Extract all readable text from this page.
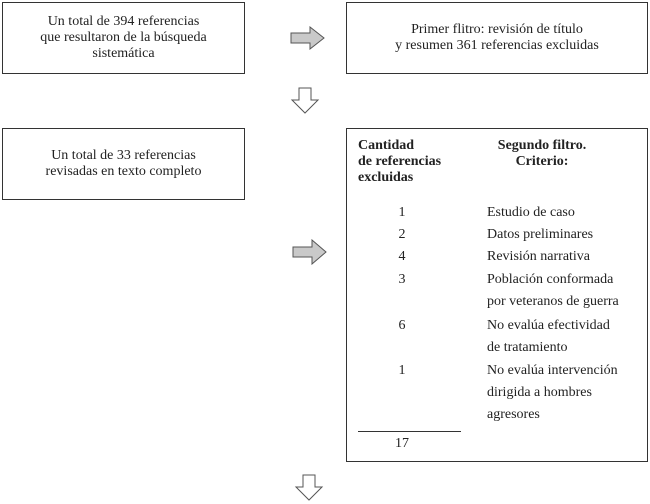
Un total de 394 referencias
que resultaron de la búsqueda
sistemática
Primer flitro: revisión de título
y resumen 361 referencias excluidas
Un total de 33 referencias
revisadas en texto completo
Cantidad
de referencias
excluidas
Segundo filtro.
Criterio:
1	Estudio de caso
2	Datos preliminares
4	Revisión narrativa
3	Población conformada
por veteranos de guerra
6	No evalúa efectividad
de tratamiento
1	No evalúa intervención
dirigida a hombres
agresores
17
